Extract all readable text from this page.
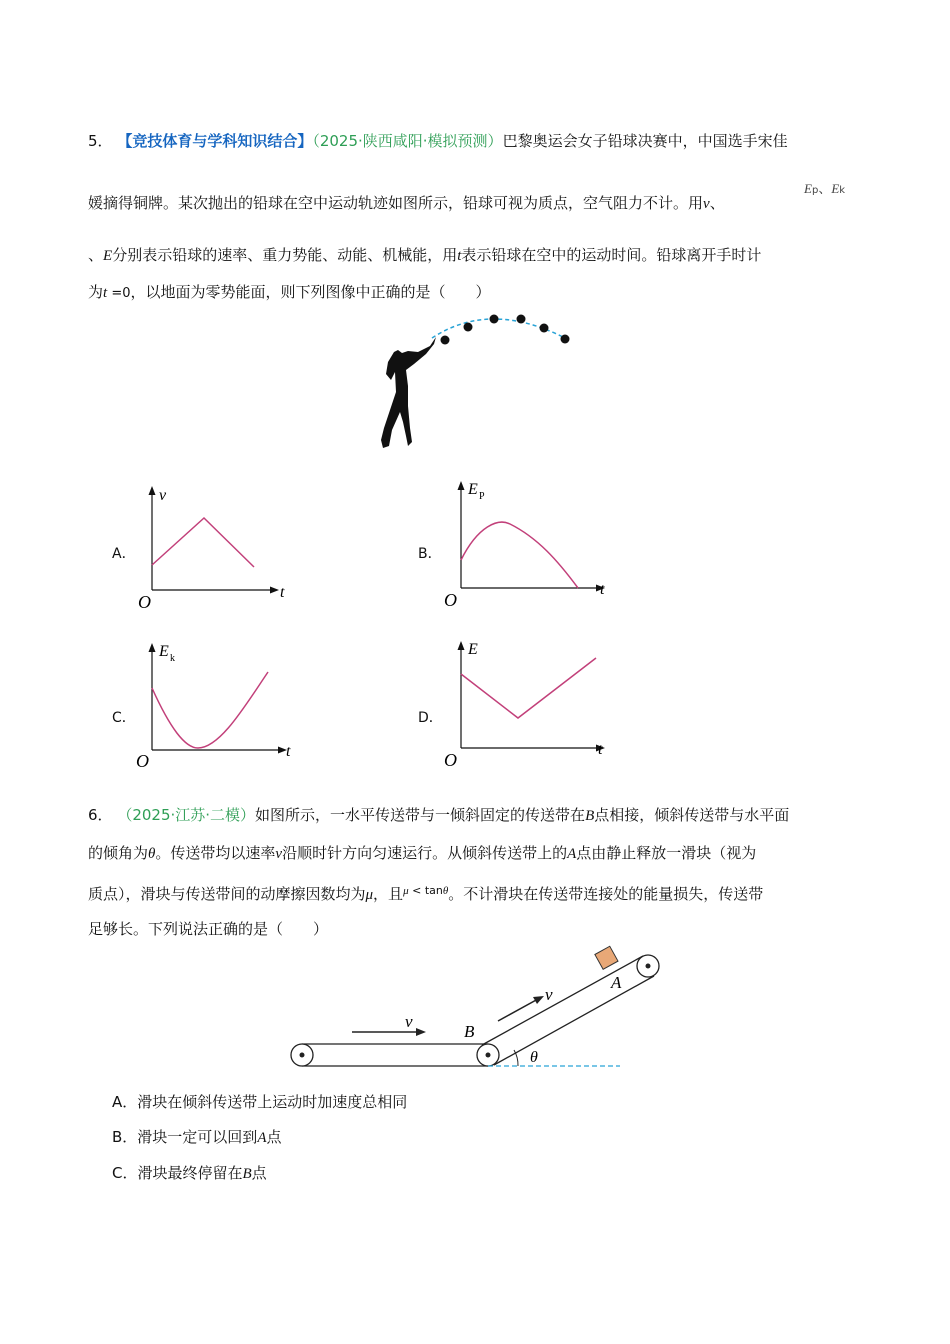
5． 【竞技体育与学科知识结合】（2025·陕西咸阳·模拟预测）巴黎奥运会女子铅球决赛中，中国选手宋佳
媛摘得铜牌。某次抛出的铅球在空中运动轨迹如图所示，铅球可视为质点，空气阻力不计。用v、
Ep、Ek
、E分别表示铅球的速率、重力势能、动能、机械能，用t表示铅球在空中的运动时间。铅球离开手时计
为t =0，以地面为零势能面，则下列图像中正确的是（　　）
A．	B．
C．	D．
v
O	t
E P
O
t
E k
O	t
E
O
t
6． （2025·江苏·二模）如图所示，一水平传送带与一倾斜固定的传送带在B点相接，倾斜传送带与水平面
的倾角为θ。传送带均以速率v沿顺时针方向匀速运行。从倾斜传送带上的A点由静止释放一滑块（视为
质点），滑块与传送带间的动摩擦因数均为μ，且$^{\mu < tan\theta}$。不计滑块在传送带连接处的能量损失，传送带
足够长。下列说法正确的是（　　）
θ
A
v
v
B
A．滑块在倾斜传送带上运动时加速度总相同
B．滑块一定可以回到A点
C．滑块最终停留在B点
